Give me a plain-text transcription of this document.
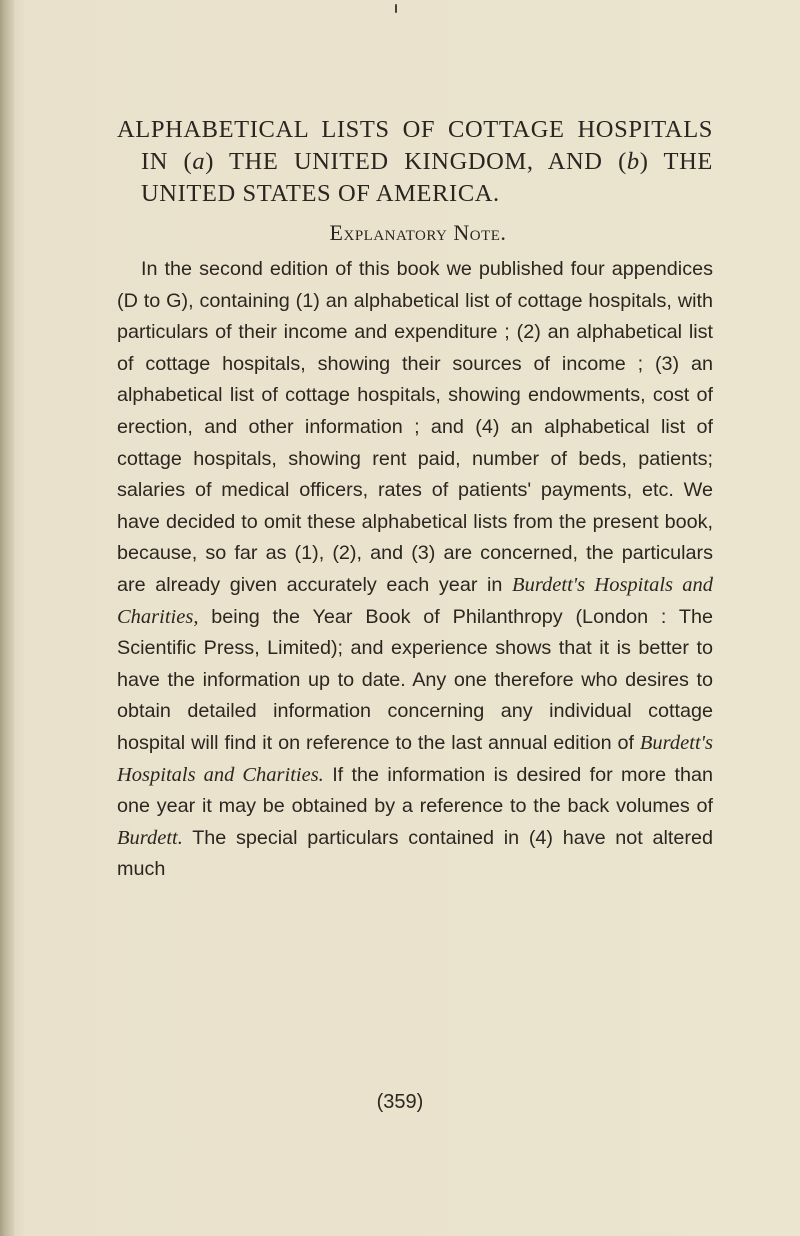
ALPHABETICAL LISTS OF COTTAGE HOSPITALS IN (a) THE UNITED KINGDOM, AND (b) THE UNITED STATES OF AMERICA.
Explanatory Note.

In the second edition of this book we published four appendices (D to G), containing (1) an alphabetical list of cottage hospitals, with particulars of their income and expenditure ; (2) an alphabetical list of cottage hospitals, showing their sources of income ; (3) an alphabetical list of cottage hospitals, showing endowments, cost of erection, and other information ; and (4) an alphabetical list of cottage hospitals, showing rent paid, number of beds, patients; salaries of medical officers, rates of patients' payments, etc. We have decided to omit these alphabetical lists from the present book, because, so far as (1), (2), and (3) are concerned, the particulars are already given accurately each year in Burdett's Hospitals and Charities, being the Year Book of Philanthropy (London : The Scientific Press, Limited); and experience shows that it is better to have the information up to date. Any one therefore who desires to obtain detailed information concerning any individual cottage hospital will find it on reference to the last annual edition of Burdett's Hospitals and Charities. If the information is desired for more than one year it may be obtained by a reference to the back volumes of Burdett. The special particulars contained in (4) have not altered much

(359)
